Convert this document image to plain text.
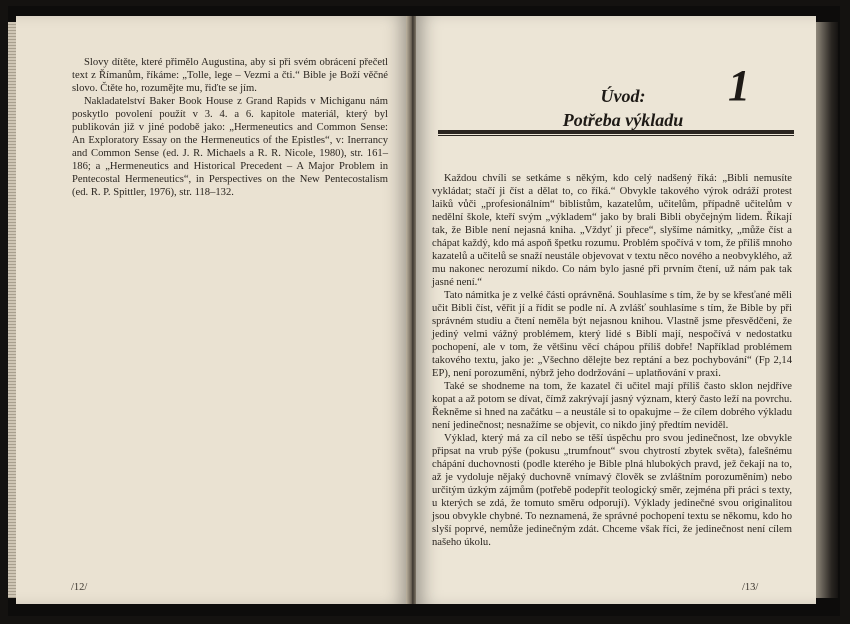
Slovy dítěte, které přimělo Augustina, aby si při svém obrácení přečetl text z Římanům, říkáme: „Tolle, lege – Vezmi a čti.“ Bible je Boží věčné slovo. Čtěte ho, rozumějte mu, řiďte se jím.

Nakladatelství Baker Book House z Grand Rapids v Michiganu nám poskytlo povolení použít v 3. 4. a 6. kapitole materiál, který byl publikován již v jiné podobě jako: „Hermeneutics and Common Sense: An Exploratory Essay on the Hermeneutics of the Epistles“, v: Inerrancy and Common Sense (ed. J. R. Michaels a R. R. Nicole, 1980), str. 161–186; a „Hermeneutics and Historical Precedent – A Major Problem in Pentecostal Hermeneutics“, in Perspectives on the New Pentecostalism (ed. R. P. Spittler, 1976), str. 118–132.

/12/
Úvod:
Potřeba výkladu
1

Každou chvíli se setkáme s někým, kdo celý nadšený říká: „Bibli nemusíte vykládat; stačí ji číst a dělat to, co říká.“ Obvykle takového výrok odráží protest laiků vůči „profesionálním“ biblistům, kazatelům, učitelům, případně učitelům v nedělní škole, kteří svým „výkladem“ jako by brali Bibli obyčejným lidem. Říkají tak, že Bible není nejasná kniha. „Vždyť ji přece“, slyšíme námitky, „může číst a chápat každý, kdo má aspoň špetku rozumu. Problém spočívá v tom, že příliš mnoho kazatelů a učitelů se snaží neustále objevovat v textu něco nového a neobvyklého, až mu nakonec nerozumí nikdo. Co nám bylo jasné při prvním čtení, už nám pak tak jasné není.“

Tato námitka je z velké části oprávněná. Souhlasíme s tím, že by se křesťané měli učit Bibli číst, věřit jí a řídit se podle ní. A zvlášť souhlasíme s tím, že Bible by při správném studiu a čtení neměla být nejasnou knihou. Vlastně jsme přesvědčeni, že jediný velmi vážný problémem, který lidé s Biblí mají, nespočívá v nedostatku pochopení, ale v tom, že většinu věcí chápou příliš dobře! Například problémem takového textu, jako je: „Všechno dělejte bez reptání a bez pochybování“ (Fp 2,14 EP), není porozumění, nýbrž jeho dodržování – uplatňování v praxi.

Také se shodneme na tom, že kazatel či učitel mají příliš často sklon nejdříve kopat a až potom se dívat, čímž zakrývají jasný význam, který často leží na povrchu. Řekněme si hned na začátku – a neustále si to opakujme – že cílem dobrého výkladu není jedinečnost; nesnažíme se objevit, co nikdo jiný předtím neviděl.

Výklad, který má za cíl nebo se těší úspěchu pro svou jedinečnost, lze obvykle připsat na vrub pýše (pokusu „trumfnout“ svou chytrostí zbytek světa), falešnému chápání duchovnosti (podle kterého je Bible plná hlubokých pravd, jež čekají na to, až je vydoluje nějaký duchovně vnímavý člověk se zvláštním porozuměním) nebo určitým úzkým zájmům (potřebě podepřít teologický směr, zejména při práci s texty, u kterých se zdá, že tomuto směru odporují). Výklady jedinečné svou originalitou jsou obvykle chybné. To neznamená, že správné pochopení textu se někomu, kdo ho slyší poprvé, nemůže jedinečným zdát. Chceme však říci, že jedinečnost není cílem našeho úkolu.

/13/
